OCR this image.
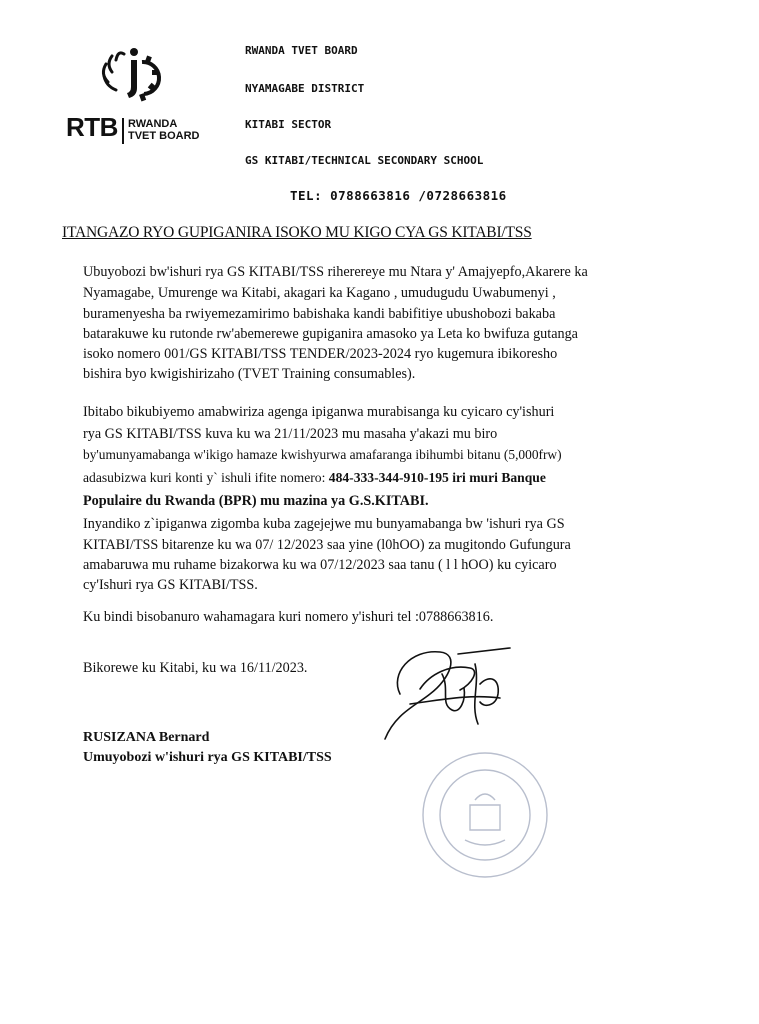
RTB RWANDA
TVET BOARD
RWANDA TVET BOARD
NYAMAGABE DISTRICT
KITABI SECTOR
GS KITABI/TECHNICAL SECONDARY SCHOOL
TEL: 0788663816 /0728663816
ITANGAZO RYO GUPIGANIRA ISOKO MU KIGO CYA GS KITABI/TSS
Ubuyobozi bw'ishuri rya GS KITABI/TSS riherereye mu Ntara y' Amajyepfo,Akarere ka
Nyamagabe, Umurenge wa Kitabi, akagari ka Kagano , umudugudu Uwabumenyi ,
buramenyesha ba rwiyemezamirimo babishaka kandi babifitiye ubushobozi bakaba
batarakuwe ku rutonde rw'abemerewe gupiganira amasoko ya Leta ko bwifuza gutanga
isoko nomero 001/GS KITABI/TSS TENDER/2023-2024 ryo kugemura ibikoresho
bishira byo kwigishirizaho (TVET Training consumables).
Ibitabo bikubiyemo amabwiriza agenga ipiganwa murabisanga ku cyicaro cy'ishuri
rya GS KITABI/TSS kuva ku wa 21/11/2023 mu masaha y'akazi mu biro
by'umunyamabanga w'ikigo hamaze kwishyurwa amafaranga ibihumbi bitanu (5,000frw)
adasubizwa kuri konti y` ishuli ifite nomero: 484-333-344-910-195 iri muri Banque
Populaire du Rwanda (BPR) mu mazina ya G.S.KITABI.
Inyandiko z`ipiganwa zigomba kuba zagejejwe mu bunyamabanga bw 'ishuri rya GS
KITABI/TSS bitarenze ku wa 07/ 12/2023 saa yine (l0hOO) za mugitondo Gufungura
amabaruwa mu ruhame bizakorwa ku wa 07/12/2023 saa tanu ( l l hOO) ku cyicaro
cy'Ishuri rya GS KITABI/TSS.
Ku bindi bisobanuro wahamagara kuri nomero y'ishuri tel :0788663816.
Bikorewe ku Kitabi, ku wa 16/11/2023.
RUSIZANA Bernard
Umuyobozi w'ishuri rya GS KITABI/TSS
